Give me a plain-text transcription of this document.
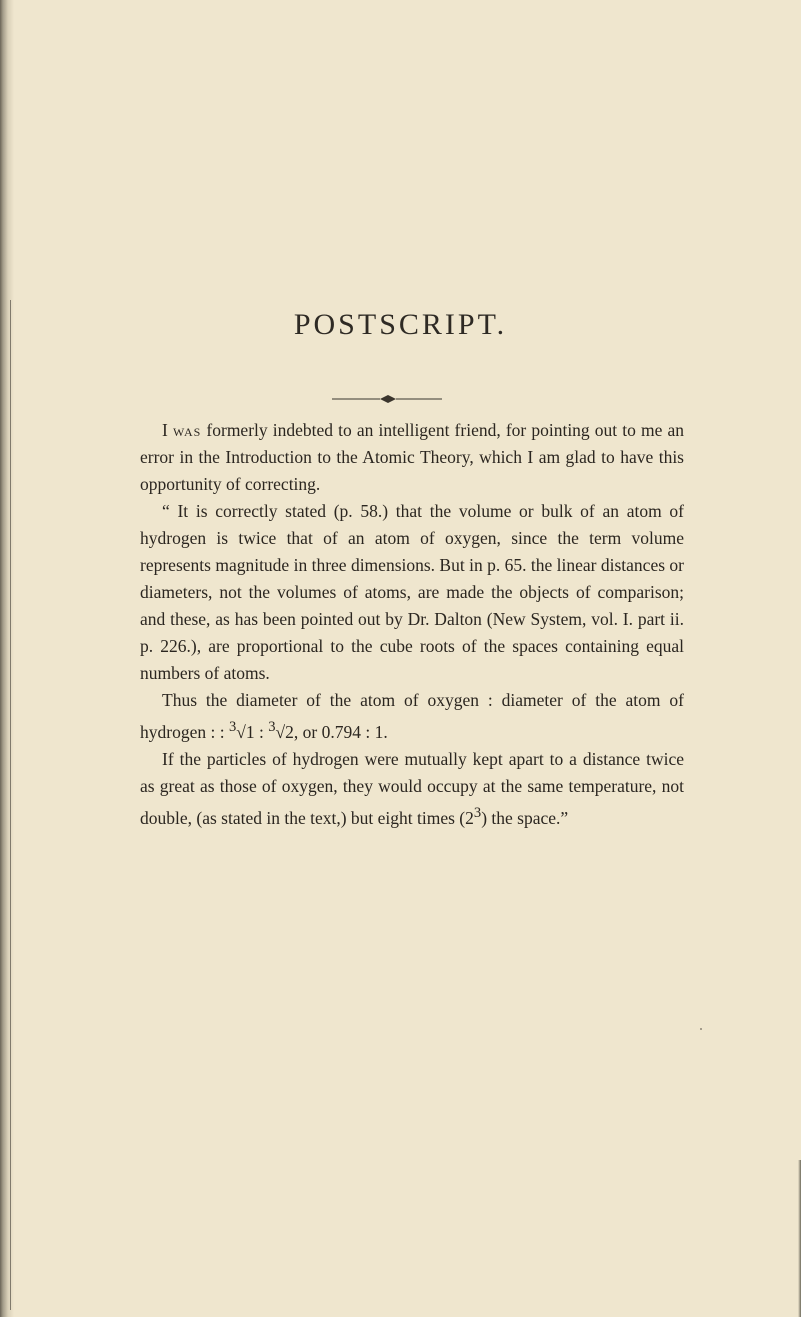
POSTSCRIPT.

I was formerly indebted to an intelligent friend, for pointing out to me an error in the Introduction to the Atomic Theory, which I am glad to have this opportunity of correcting.

“ It is correctly stated (p. 58.) that the volume or bulk of an atom of hydrogen is twice that of an atom of oxygen, since the term volume represents magnitude in three dimensions. But in p. 65. the linear distances or diameters, not the volumes of atoms, are made the objects of comparison; and these, as has been pointed out by Dr. Dalton (New System, vol. I. part ii. p. 226.), are proportional to the cube roots of the spaces containing equal numbers of atoms.

Thus the diameter of the atom of oxygen : diameter of the atom of hydrogen : : $^3$√1 : $^3$√2, or 0.794 : 1.

If the particles of hydrogen were mutually kept apart to a distance twice as great as those of oxygen, they would occupy at the same temperature, not double, (as stated in the text,) but eight times $(2^3)$ the space.”
